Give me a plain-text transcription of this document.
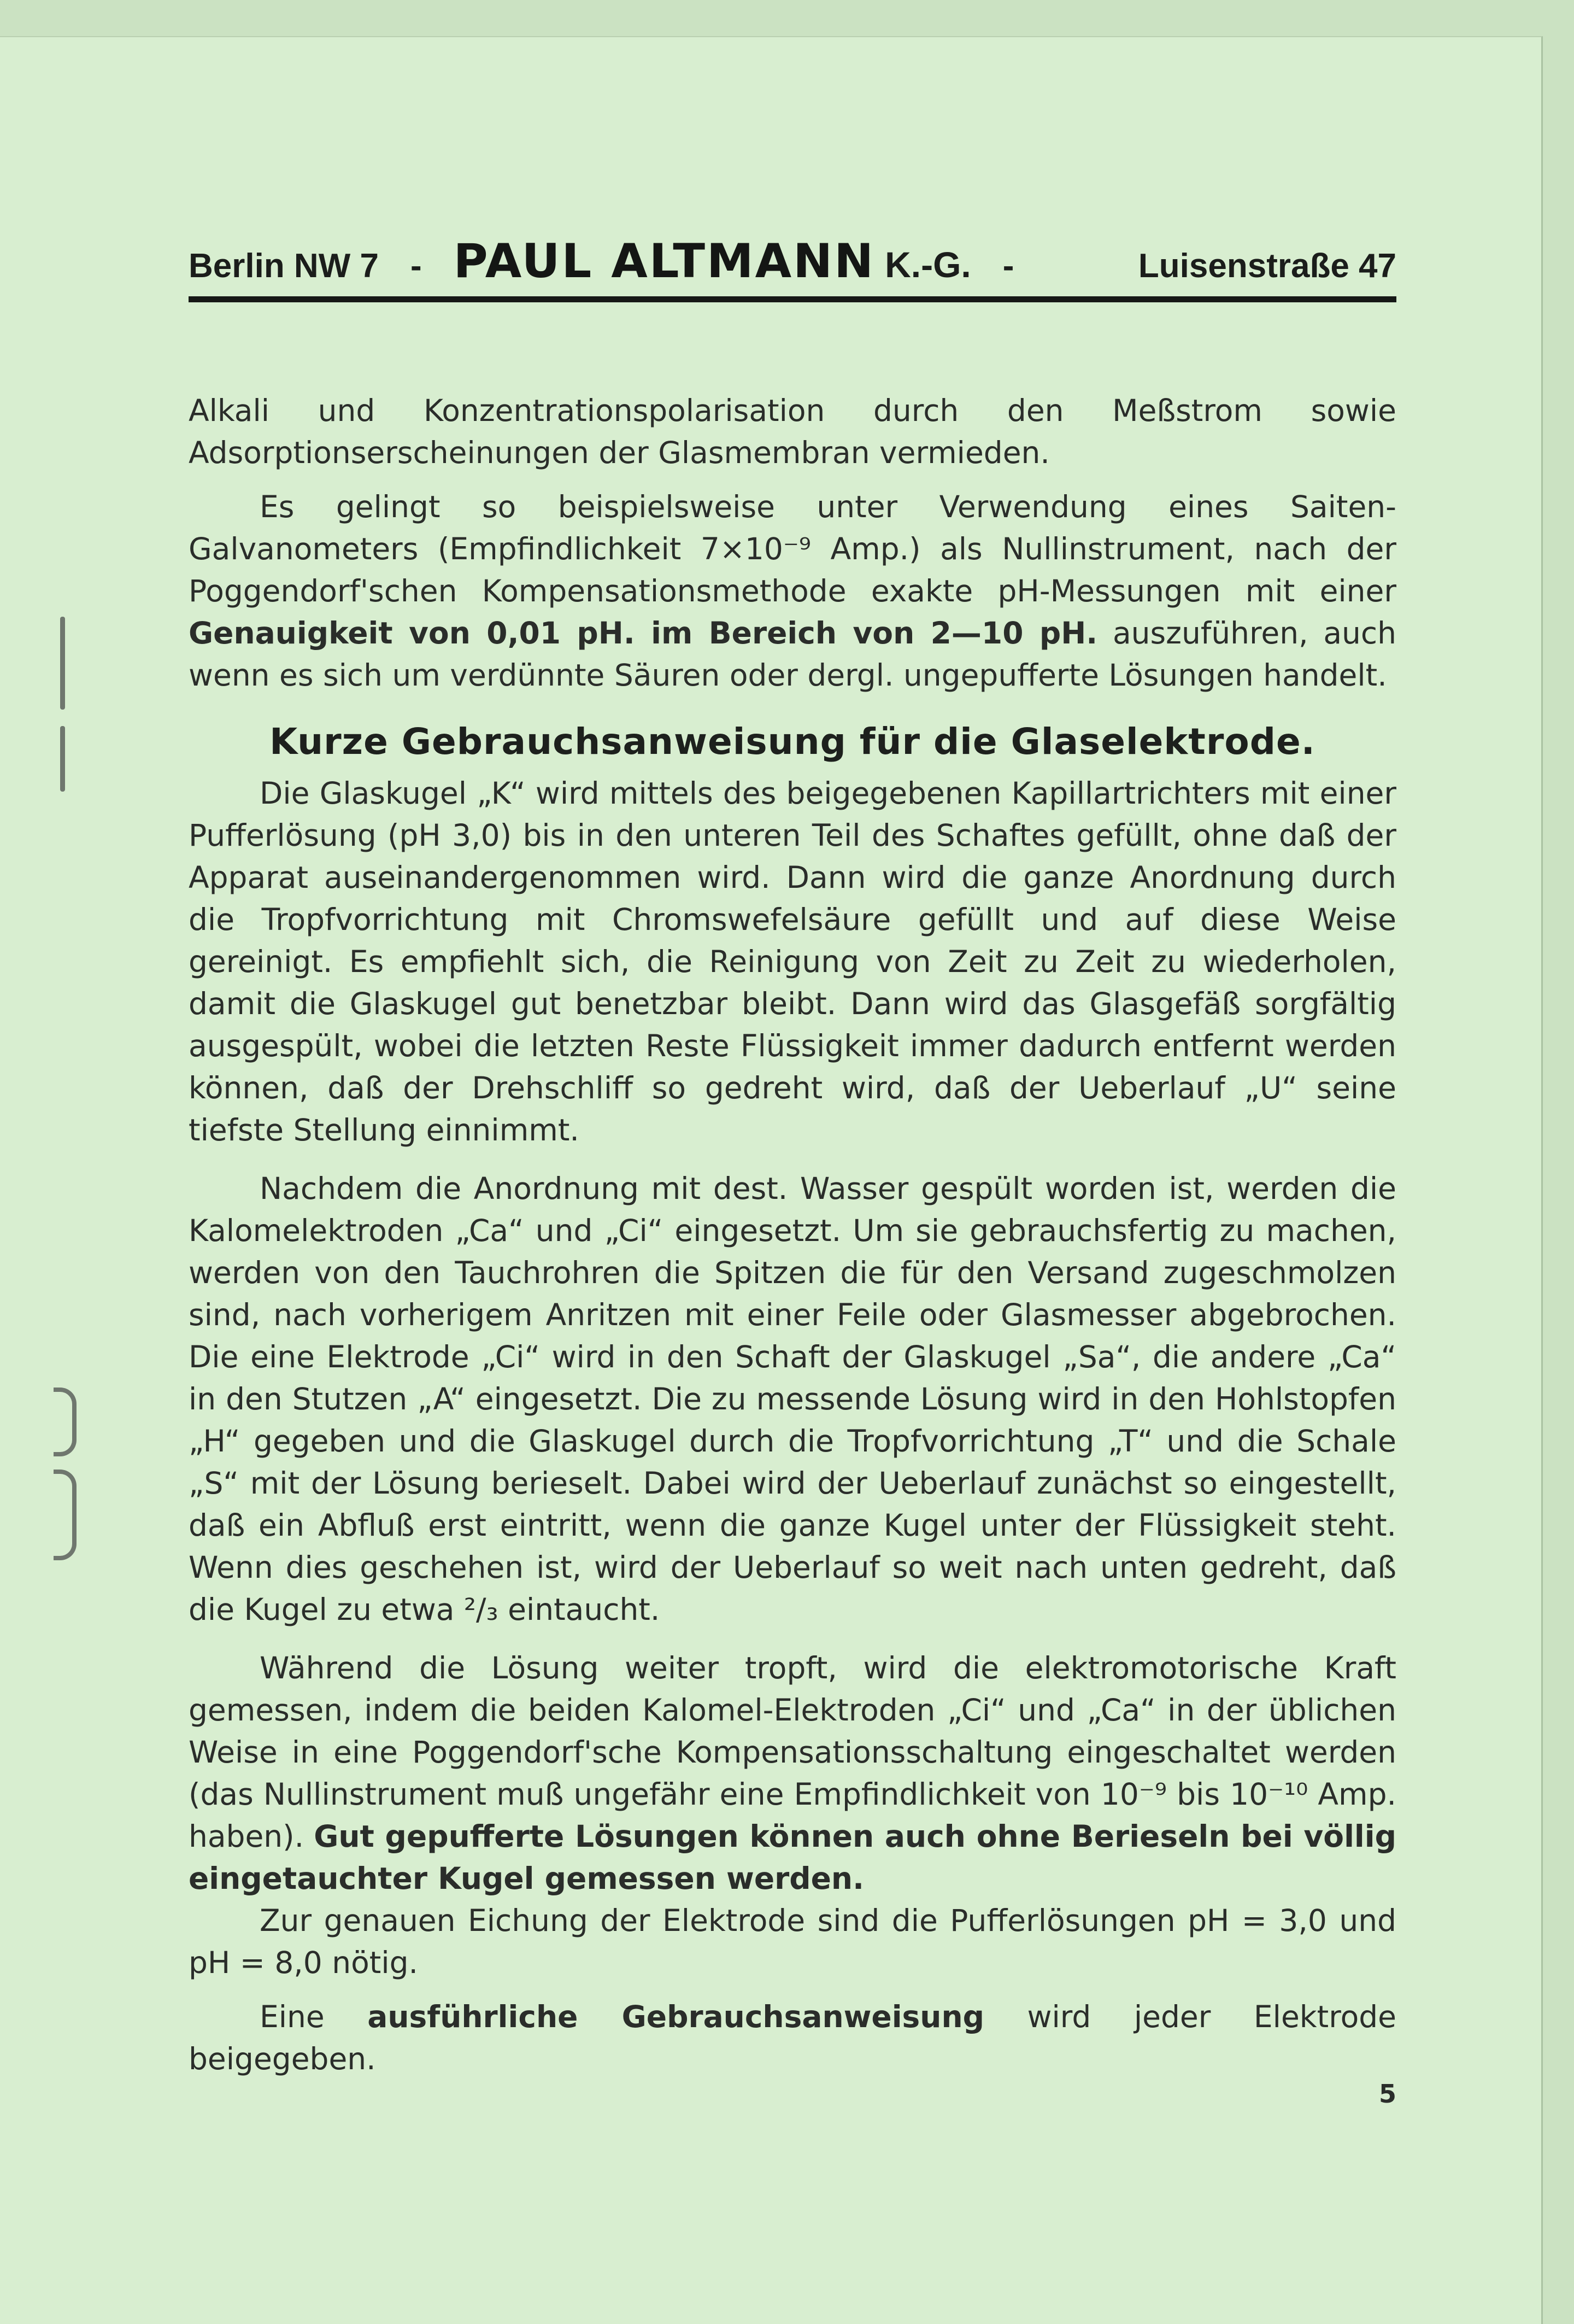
Berlin NW 7 - PAUL ALTMANN K.-G. -	Luisenstraße 47

Alkali und Konzentrationspolarisation durch den Meßstrom sowie Adsorptionserscheinungen der Glasmembran vermieden.

Es gelingt so beispielsweise unter Verwendung eines Saiten-Galvanometers (Empfindlichkeit 7×10⁻⁹ Amp.) als Nullinstrument, nach der Poggendorf'schen Kompensationsmethode exakte pH-Messungen mit einer Genauigkeit von 0,01 pH. im Bereich von 2—10 pH. auszuführen, auch wenn es sich um verdünnte Säuren oder dergl. ungepufferte Lösungen handelt.

Kurze Gebrauchsanweisung für die Glaselektrode.

Die Glaskugel „K“ wird mittels des beigegebenen Kapillartrichters mit einer Pufferlösung (pH 3,0) bis in den unteren Teil des Schaftes gefüllt, ohne daß der Apparat auseinandergenommen wird. Dann wird die ganze Anordnung durch die Tropfvorrichtung mit Chromswefelsäure gefüllt und auf diese Weise gereinigt. Es empfiehlt sich, die Reinigung von Zeit zu Zeit zu wiederholen, damit die Glaskugel gut benetzbar bleibt. Dann wird das Glasgefäß sorgfältig ausgespült, wobei die letzten Reste Flüssigkeit immer dadurch entfernt werden können, daß der Drehschliff so gedreht wird, daß der Ueberlauf „U“ seine tiefste Stellung einnimmt.

Nachdem die Anordnung mit dest. Wasser gespült worden ist, werden die Kalomelektroden „Ca“ und „Ci“ eingesetzt. Um sie gebrauchsfertig zu machen, werden von den Tauchrohren die Spitzen die für den Versand zugeschmolzen sind, nach vorherigem Anritzen mit einer Feile oder Glasmesser abgebrochen. Die eine Elektrode „Ci“ wird in den Schaft der Glaskugel „Sa“, die andere „Ca“ in den Stutzen „A“ eingesetzt. Die zu messende Lösung wird in den Hohlstopfen „H“ gegeben und die Glaskugel durch die Tropfvorrichtung „T“ und die Schale „S“ mit der Lösung berieselt. Dabei wird der Ueberlauf zunächst so eingestellt, daß ein Abfluß erst eintritt, wenn die ganze Kugel unter der Flüssigkeit steht. Wenn dies geschehen ist, wird der Ueberlauf so weit nach unten gedreht, daß die Kugel zu etwa ²/₃ eintaucht.

Während die Lösung weiter tropft, wird die elektromotorische Kraft gemessen, indem die beiden Kalomel-Elektroden „Ci“ und „Ca“ in der üblichen Weise in eine Poggendorf'sche Kompensationsschaltung eingeschaltet werden (das Nullinstrument muß ungefähr eine Empfindlichkeit von 10⁻⁹ bis 10⁻¹⁰ Amp. haben). Gut gepufferte Lösungen können auch ohne Berieseln bei völlig eingetauchter Kugel gemessen werden.

Zur genauen Eichung der Elektrode sind die Pufferlösungen pH = 3,0 und pH = 8,0 nötig.

Eine ausführliche Gebrauchsanweisung wird jeder Elektrode beigegeben.

5
